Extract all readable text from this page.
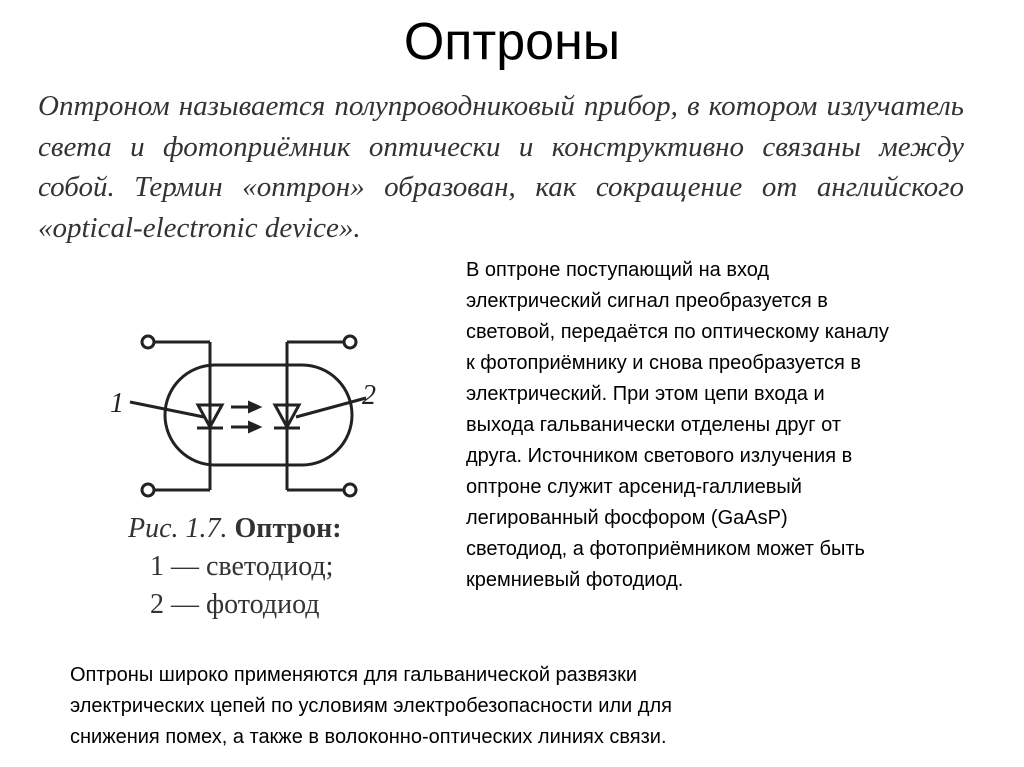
Оптроны

Оптроном называется полупроводниковый прибор, в котором излучатель света и фотоприёмник оптически и конструктивно связаны между собой. Термин «оптрон» образован, как сокращение от английского «optical-electronic device».

1	2
Рис. 1.7. Оптрон:
1 — светодиод;
2 — фотодиод

В оптроне поступающий на вход
электрический сигнал преобразуется в
световой, передаётся по оптическому каналу
к фотоприёмнику и снова преобразуется в
электрический. При этом цепи входа и
выхода гальванически отделены друг от
друга. Источником светового излучения в
оптроне служит арсенид-галлиевый
легированный фосфором (GaAsP)
светодиод, а фотоприёмником может быть
кремниевый фотодиод.

Оптроны широко применяются для гальванической развязки
электрических цепей по условиям электробезопасности или для
снижения помех, а также в волоконно-оптических линиях связи.
